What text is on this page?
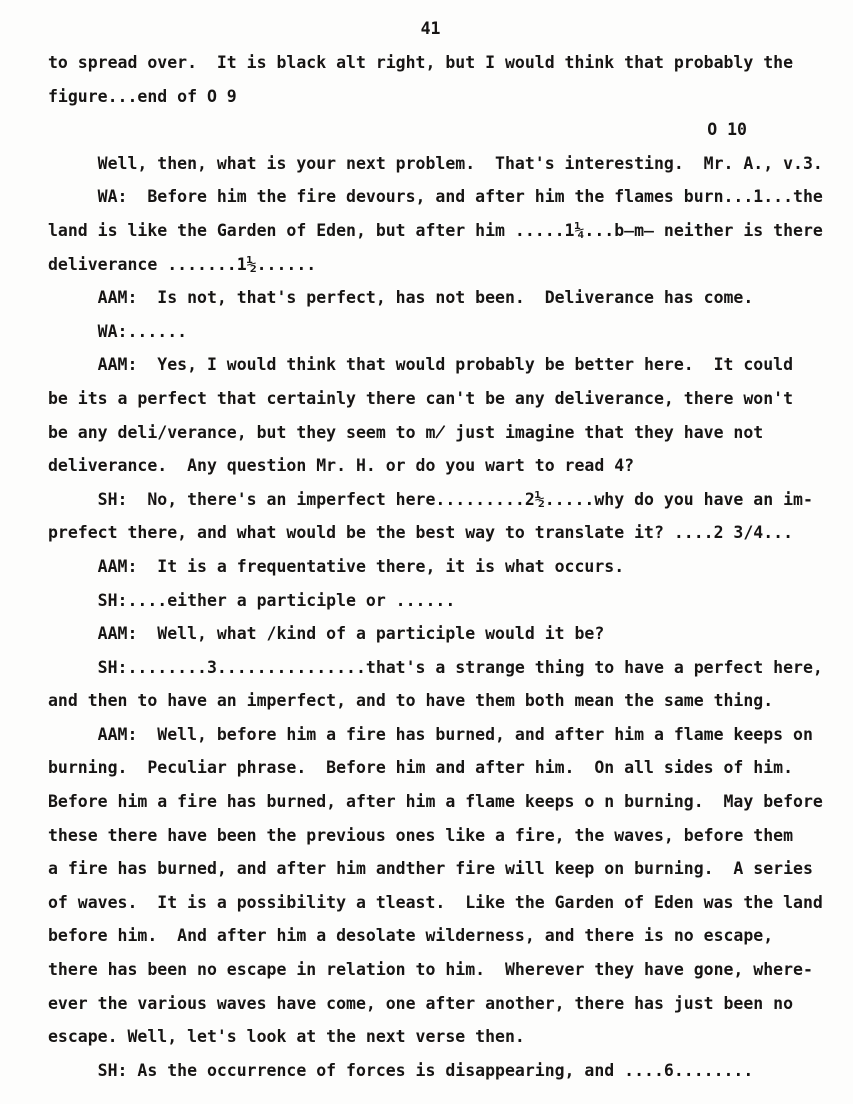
41
to spread over.  It is black alt right, but I would think that probably the
figure...end of O 9
O 10
Well, then, what is your next problem.  That's interesting.  Mr. A., v.3.
WA:  Before him the fire devours, and after him the flames burn...1...the
land is like the Garden of Eden, but after him .....1¼...b̶m̶ neither is there
deliverance .......1½......
AAM:  Is not, that's perfect, has not been.  Deliverance has come.
WA:......
AAM:  Yes, I would think that would probably be better here.  It could
be its a perfect that certainly there can't be any deliverance, there won't
be any deli/verance, but they seem to m̸ just imagine that they have not
deliverance.  Any question Mr. H. or do you wart to read 4?
SH:  No, there's an imperfect here.........2½.....why do you have an im-
prefect there, and what would be the best way to translate it? ....2 3/4...
AAM:  It is a frequentative there, it is what occurs.
SH:....either a participle or ......
AAM:  Well, what /kind of a participle would it be?
SH:........3...............that's a strange thing to have a perfect here,
and then to have an imperfect, and to have them both mean the same thing.
AAM:  Well, before him a fire has burned, and after him a flame keeps on
burning.  Peculiar phrase.  Before him and after him.  On all sides of him.
Before him a fire has burned, after him a flame keeps o n burning.  May before
these there have been the previous ones like a fire, the waves, before them
a fire has burned, and after him andther fire will keep on burning.  A series
of waves.  It is a possibility a tleast.  Like the Garden of Eden was the land
before him.  And after him a desolate wilderness, and there is no escape,
there has been no escape in relation to him.  Wherever they have gone, where-
ever the various waves have come, one after another, there has just been no
escape. Well, let's look at the next verse then.
SH: As the occurrence of forces is disappearing, and ....6........
